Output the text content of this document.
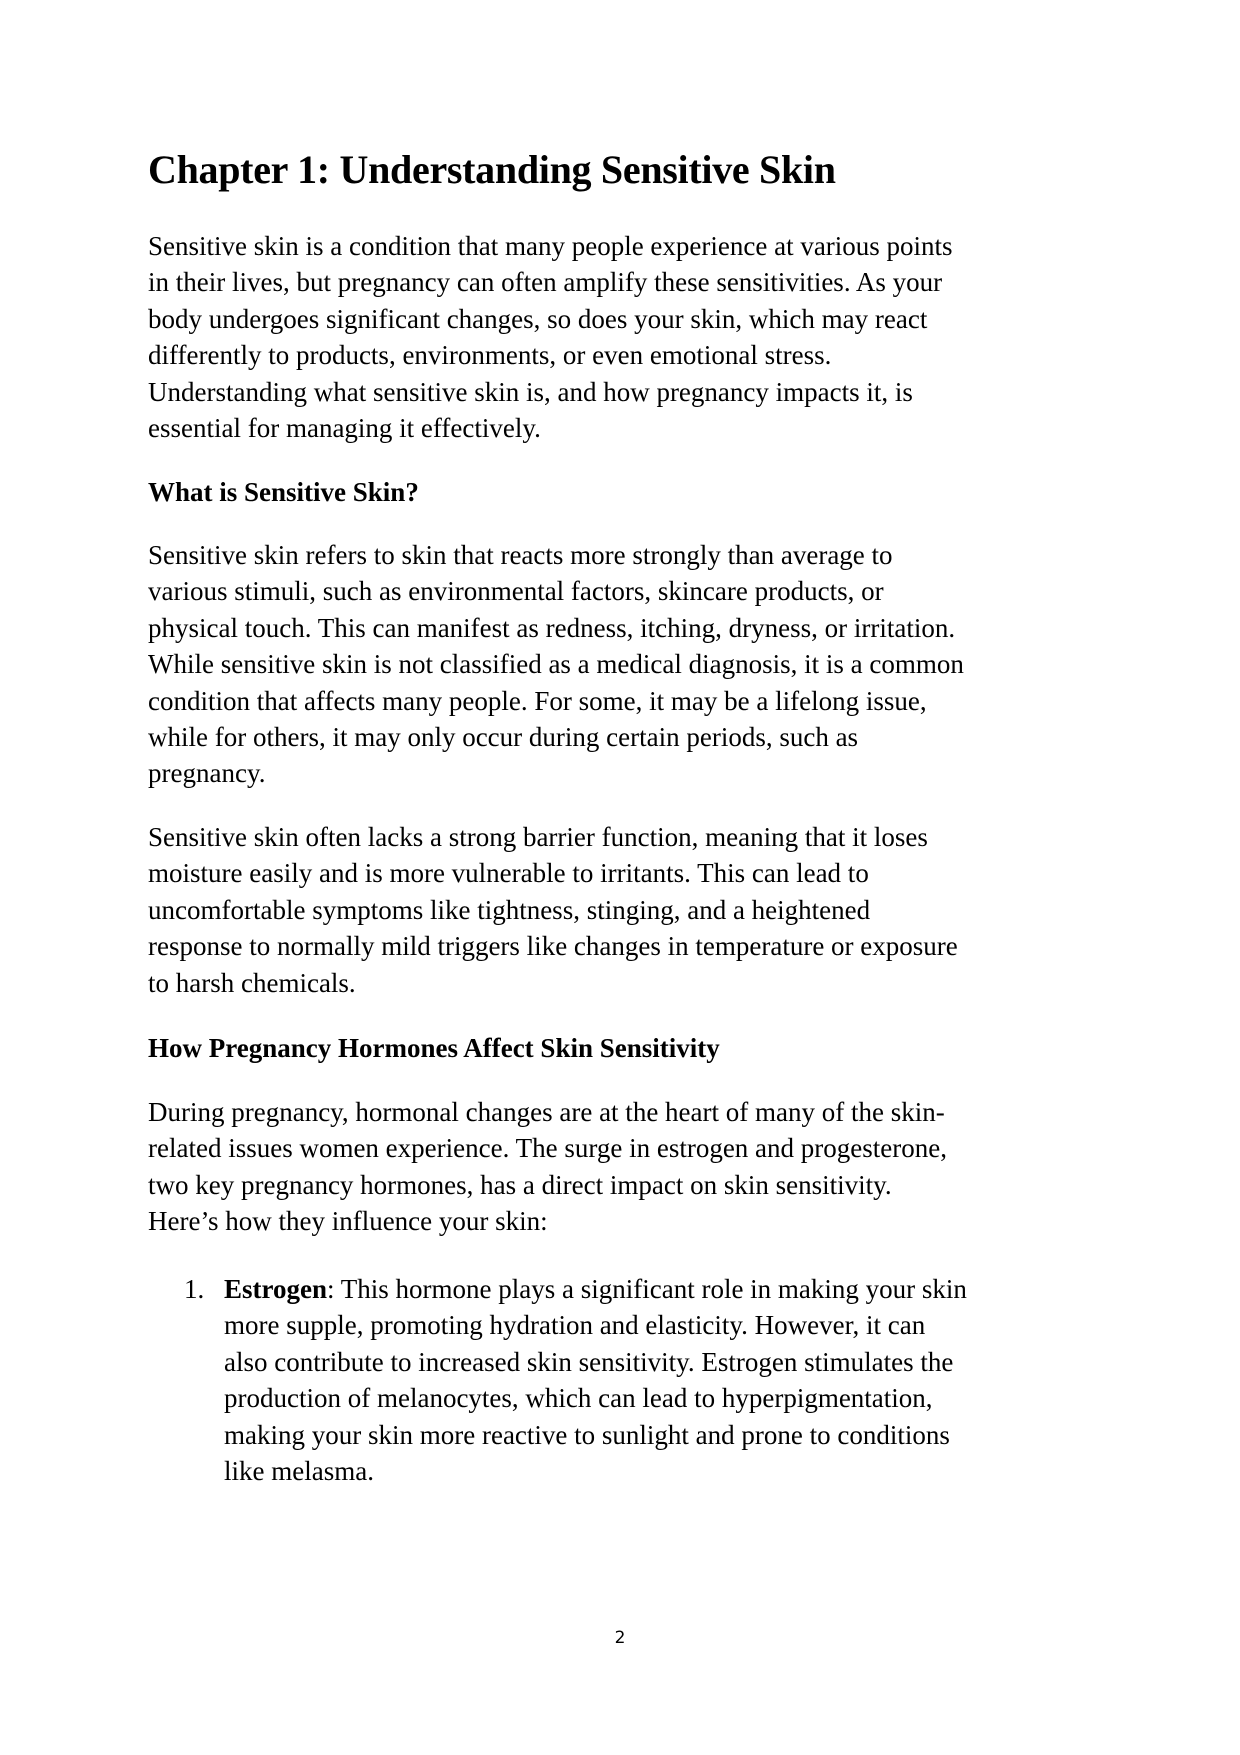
Chapter 1: Understanding Sensitive Skin

Sensitive skin is a condition that many people experience at various points
in their lives, but pregnancy can often amplify these sensitivities. As your
body undergoes significant changes, so does your skin, which may react
differently to products, environments, or even emotional stress.
Understanding what sensitive skin is, and how pregnancy impacts it, is
essential for managing it effectively.

What is Sensitive Skin?

Sensitive skin refers to skin that reacts more strongly than average to
various stimuli, such as environmental factors, skincare products, or
physical touch. This can manifest as redness, itching, dryness, or irritation.
While sensitive skin is not classified as a medical diagnosis, it is a common
condition that affects many people. For some, it may be a lifelong issue,
while for others, it may only occur during certain periods, such as
pregnancy.

Sensitive skin often lacks a strong barrier function, meaning that it loses
moisture easily and is more vulnerable to irritants. This can lead to
uncomfortable symptoms like tightness, stinging, and a heightened
response to normally mild triggers like changes in temperature or exposure
to harsh chemicals.

How Pregnancy Hormones Affect Skin Sensitivity

During pregnancy, hormonal changes are at the heart of many of the skin-
related issues women experience. The surge in estrogen and progesterone,
two key pregnancy hormones, has a direct impact on skin sensitivity.
Here’s how they influence your skin:

1. Estrogen: This hormone plays a significant role in making your skin
more supple, promoting hydration and elasticity. However, it can
also contribute to increased skin sensitivity. Estrogen stimulates the
production of melanocytes, which can lead to hyperpigmentation,
making your skin more reactive to sunlight and prone to conditions
like melasma.
2
